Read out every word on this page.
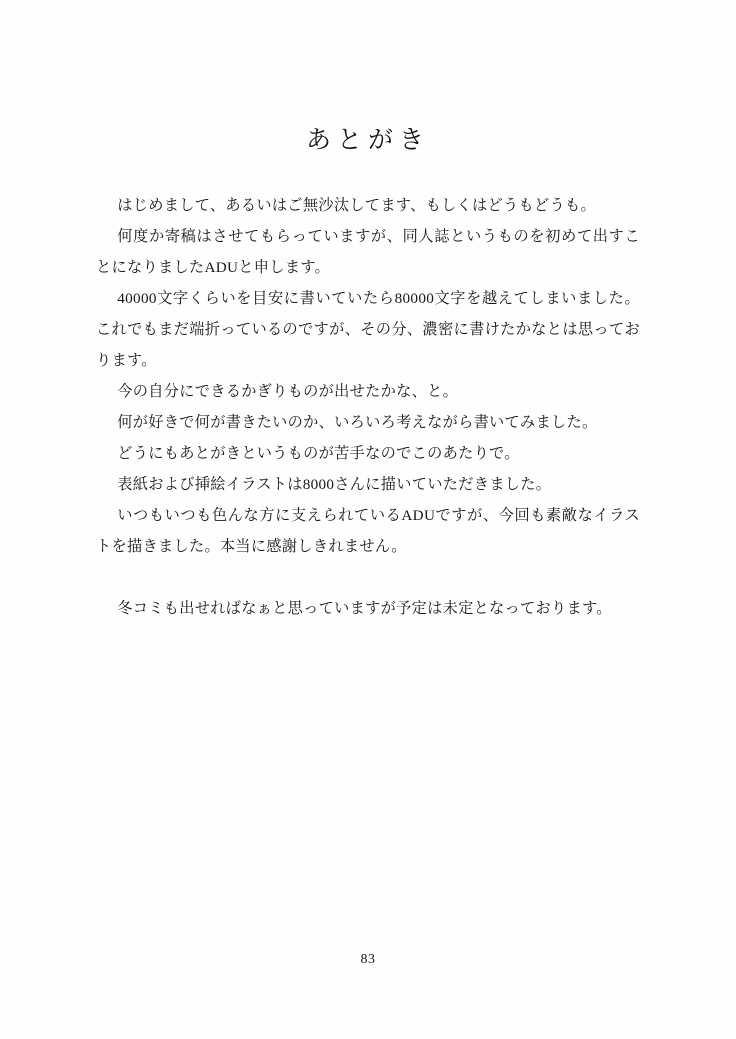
あとがき

はじめまして、あるいはご無沙汰してます、もしくはどうもどうも。

何度か寄稿はさせてもらっていますが、同人誌というものを初めて出すことになりましたADUと申します。

40000文字くらいを目安に書いていたら80000文字を越えてしまいました。これでもまだ端折っているのですが、その分、濃密に書けたかなとは思っております。

今の自分にできるかぎりものが出せたかな、と。

何が好きで何が書きたいのか、いろいろ考えながら書いてみました。

どうにもあとがきというものが苦手なのでこのあたりで。

表紙および挿絵イラストは8000さんに描いていただきました。

いつもいつも色んな方に支えられているADUですが、今回も素敵なイラストを描きました。本当に感謝しきれません。

冬コミも出せればなぁと思っていますが予定は未定となっております。

83
